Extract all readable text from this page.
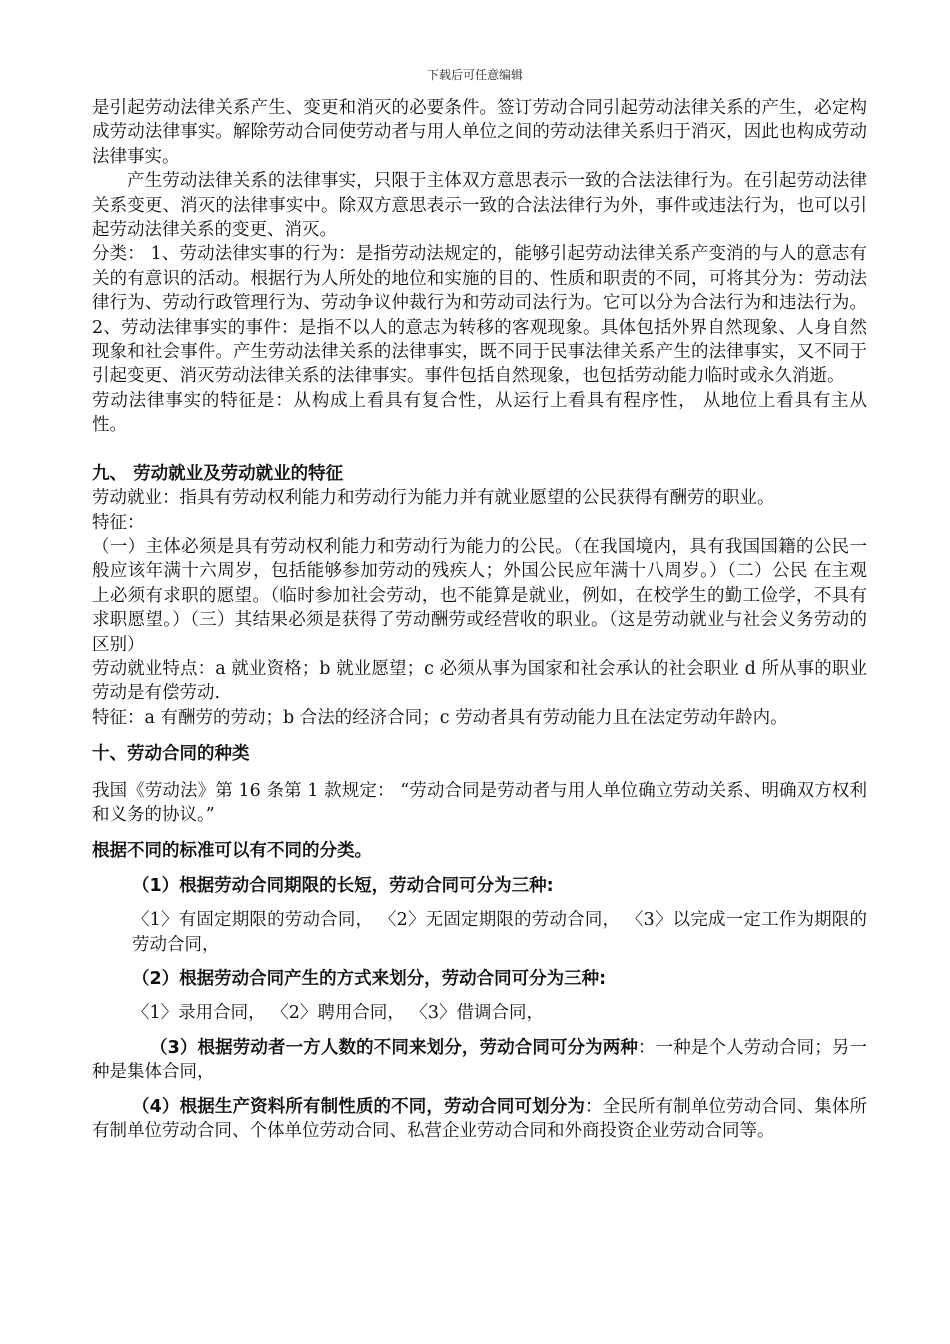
下载后可任意编辑

是引起劳动法律关系产生、变更和消灭的必要条件。签订劳动合同引起劳动法律关系的产生，必定构成劳动法律事实。解除劳动合同使劳动者与用人单位之间的劳动法律关系归于消灭，因此也构成劳动法律事实。

产生劳动法律关系的法律事实，只限于主体双方意思表示一致的合法法律行为。在引起劳动法律关系变更、消灭的法律事实中。除双方意思表示一致的合法法律行为外，事件或违法行为，也可以引起劳动法律关系的变更、消灭。

分类： 1、劳动法律实事的行为：是指劳动法规定的，能够引起劳动法律关系产变消的与人的意志有关的有意识的活动。根据行为人所处的地位和实施的目的、性质和职责的不同，可将其分为：劳动法律行为、劳动行政管理行为、劳动争议仲裁行为和劳动司法行为。它可以分为合法行为和违法行为。 2、劳动法律事实的事件：是指不以人的意志为转移的客观现象。具体包括外界自然现象、人身自然现象和社会事件。产生劳动法律关系的法律事实，既不同于民事法律关系产生的法律事实，又不同于引起变更、消灭劳动法律关系的法律事实。事件包括自然现象，也包括劳动能力临时或永久消逝。

劳动法律事实的特征是：从构成上看具有复合性，从运行上看具有程序性， 从地位上看具有主从性。

九、 劳动就业及劳动就业的特征

劳动就业：指具有劳动权利能力和劳动行为能力并有就业愿望的公民获得有酬劳的职业。

特征：

（一）主体必须是具有劳动权利能力和劳动行为能力的公民。（在我国境内，具有我国国籍的公民一般应该年满十六周岁，包括能够参加劳动的残疾人；外国公民应年满十八周岁。）（二）公民 在主观上必须有求职的愿望。（临时参加社会劳动，也不能算是就业，例如，在校学生的勤工俭学，不具有求职愿望。）（三）其结果必须是获得了劳动酬劳或经营收的职业。（这是劳动就业与社会义务劳动的区别）

劳动就业特点：a 就业资格；b 就业愿望；c 必须从事为国家和社会承认的社会职业 d 所从事的职业劳动是有偿劳动.

特征：a 有酬劳的劳动；b 合法的经济合同；c 劳动者具有劳动能力且在法定劳动年龄内。

十、劳动合同的种类

我国《劳动法》第 16 条第 1 款规定： “劳动合同是劳动者与用人单位确立劳动关系、明确双方权利和义务的协议。”

根据不同的标准可以有不同的分类。

（1）根据劳动合同期限的长短，劳动合同可分为三种:

〈1〉有固定期限的劳动合同， 〈2〉无固定期限的劳动合同， 〈3〉以完成一定工作为期限的劳动合同，

（2）根据劳动合同产生的方式来划分，劳动合同可分为三种:

〈1〉录用合同， 〈2〉聘用合同， 〈3〉借调合同，

（3）根据劳动者一方人数的不同来划分，劳动合同可分为两种：一种是个人劳动合同；另一种是集体合同，

（4）根据生产资料所有制性质的不同，劳动合同可划分为：全民所有制单位劳动合同、集体所有制单位劳动合同、个体单位劳动合同、私营企业劳动合同和外商投资企业劳动合同等。
